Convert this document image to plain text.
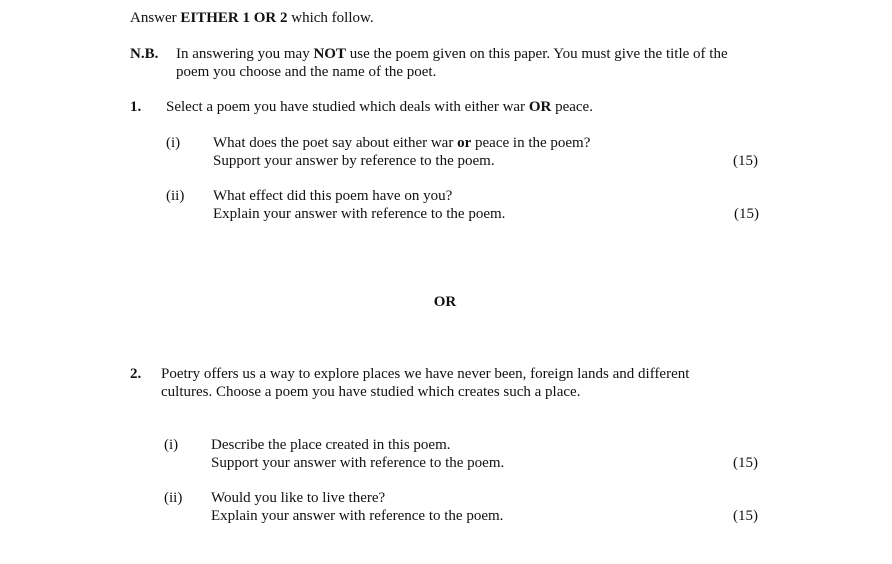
Answer EITHER 1 OR 2 which follow.
N.B. In answering you may NOT use the poem given on this paper. You must give the title of the
poem you choose and the name of the poet.
1. Select a poem you have studied which deals with either war OR peace.
(i) What does the poet say about either war or peace in the poem?
Support your answer by reference to the poem.	(15)
(ii) What effect did this poem have on you?
Explain your answer with reference to the poem.	(15)
OR
2. Poetry offers us a way to explore places we have never been, foreign lands and different
cultures. Choose a poem you have studied which creates such a place.
(i) Describe the place created in this poem.
Support your answer with reference to the poem.	(15)
(ii) Would you like to live there?
Explain your answer with reference to the poem.	(15)
